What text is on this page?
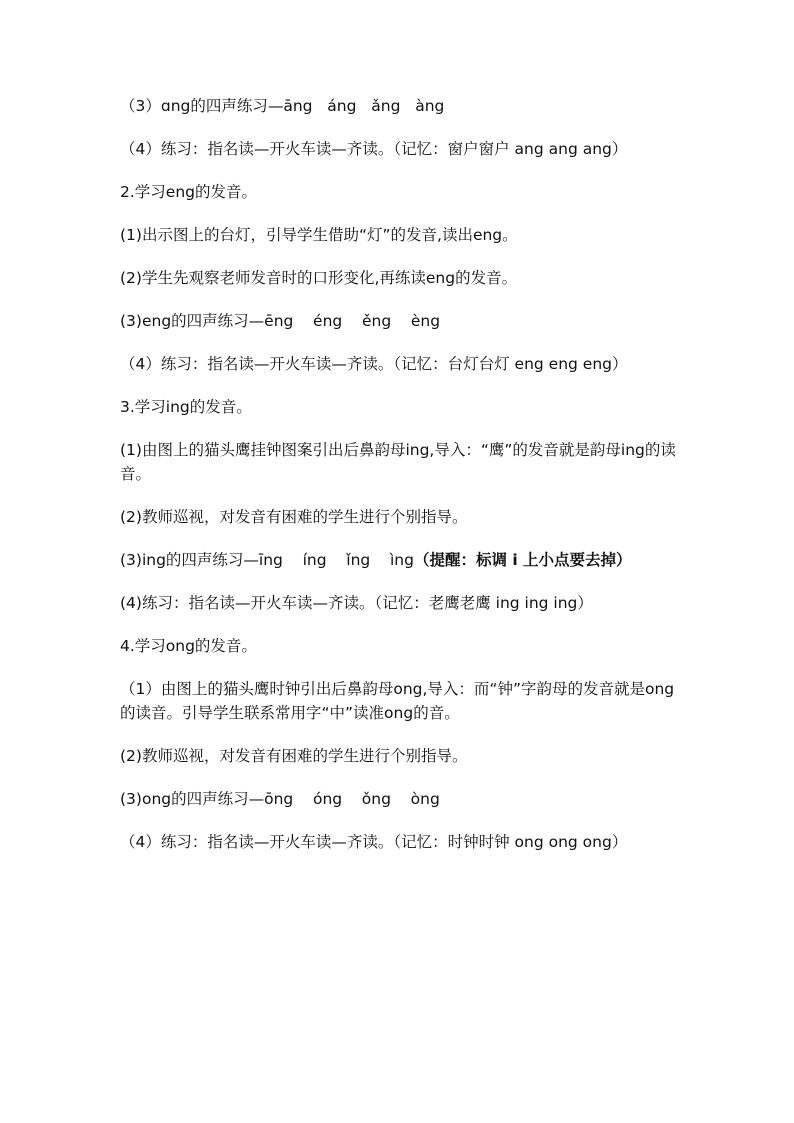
（3）ɑng的四声练习—āng   áng   ǎng   àng

（4）练习：指名读—开火车读—齐读。（记忆：窗户窗户 ang ang ang）

2.学习eng的发音。

(1)出示图上的台灯，引导学生借助“灯”的发音,读出eng。

(2)学生先观察老师发音时的口形变化,再练读eng的发音。

(3)eng的四声练习—ēng    éng    ěng    èng

（4）练习：指名读—开火车读—齐读。（记忆：台灯台灯 eng eng eng）

3.学习ing的发音。

(1)由图上的猫头鹰挂钟图案引出后鼻韵母ing,导入：“鹰”的发音就是韵母ing的读音。

(2)教师巡视，对发音有困难的学生进行个别指导。

(3)ing的四声练习—īng    íng    ǐng    ìng（提醒：标调 i 上小点要去掉）

(4)练习：指名读—开火车读—齐读。（记忆：老鹰老鹰 ing ing ing）

4.学习ong的发音。

（1）由图上的猫头鹰时钟引出后鼻韵母ong,导入：而“钟”字韵母的发音就是ong的读音。引导学生联系常用字“中”读准ong的音。

(2)教师巡视，对发音有困难的学生进行个别指导。

(3)ong的四声练习—ōng    óng    ǒng    òng

（4）练习：指名读—开火车读—齐读。（记忆：时钟时钟 ong ong ong）
